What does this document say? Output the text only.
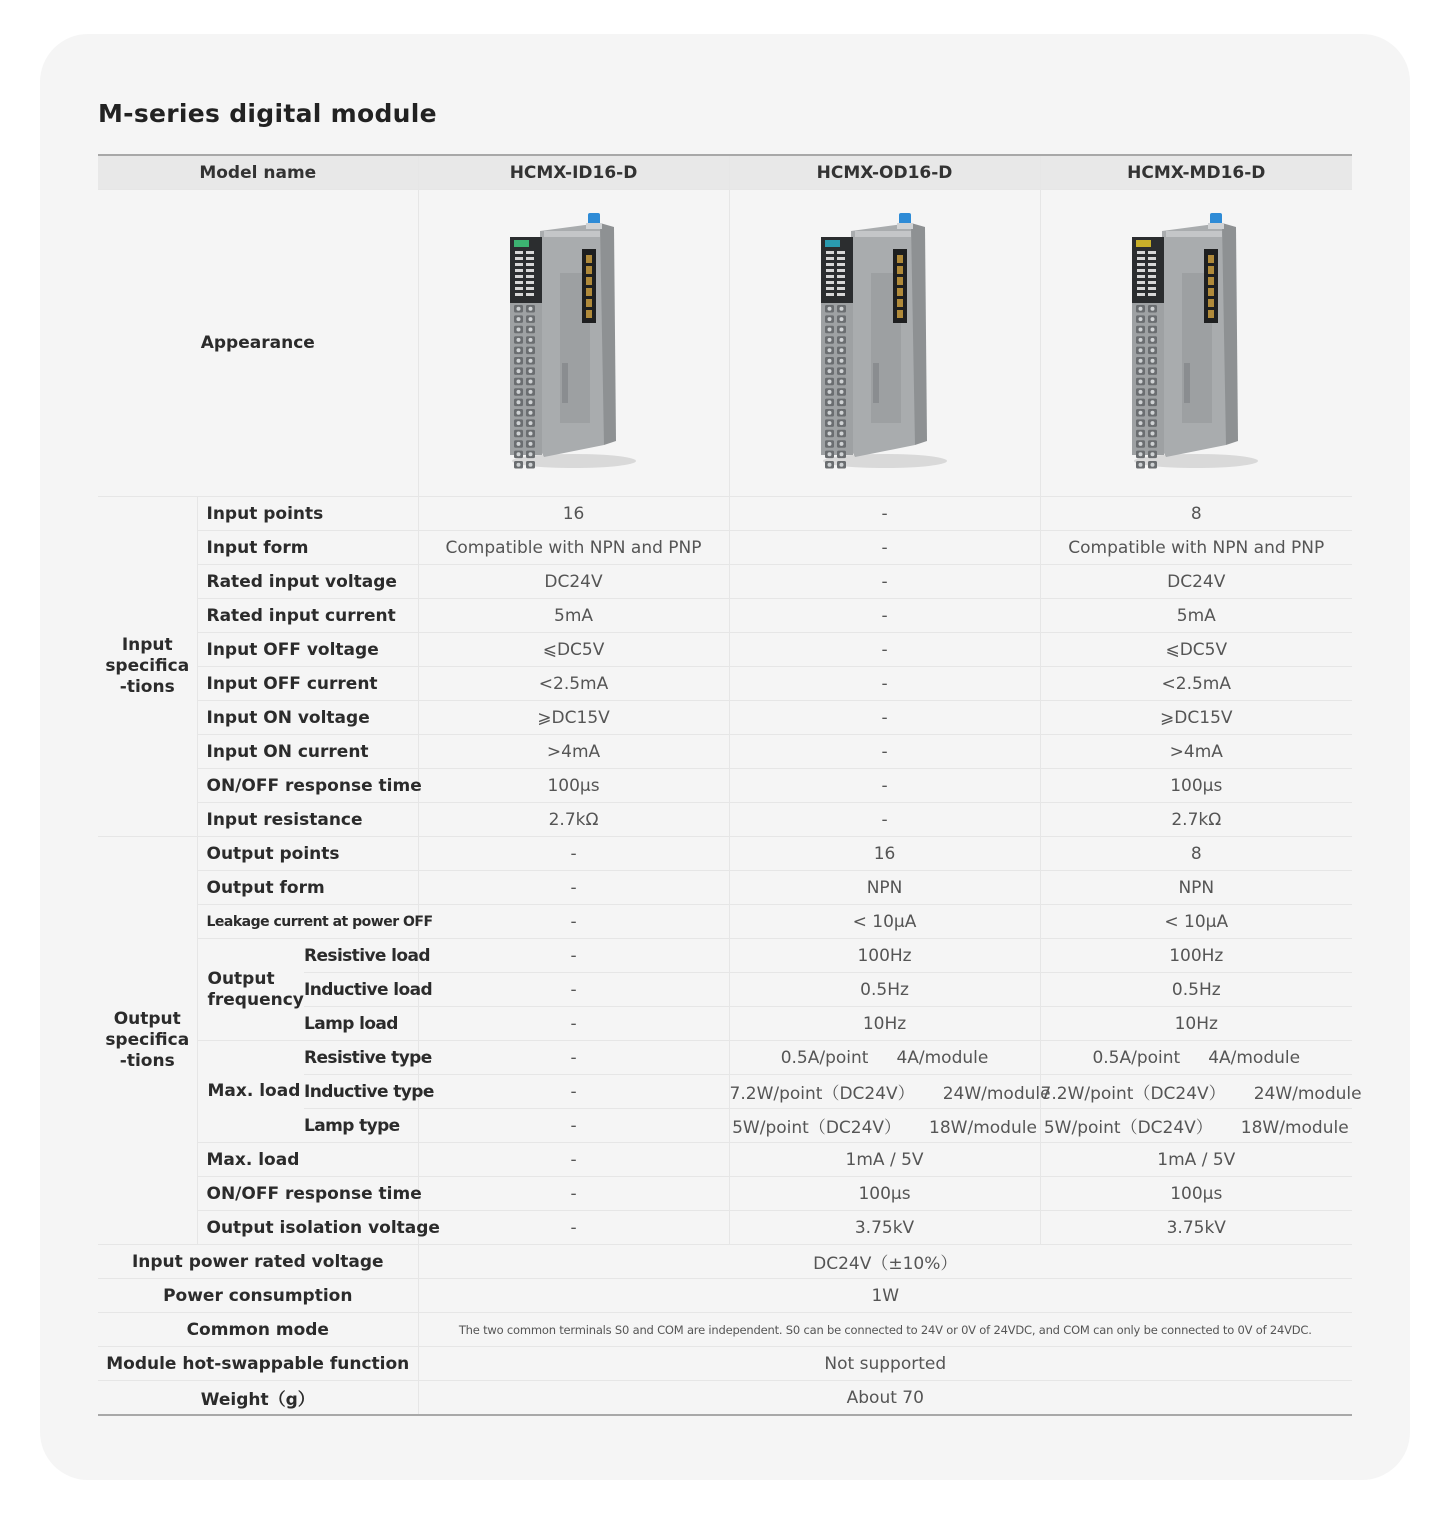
M-series digital module
Model name			HCMX-ID16-D	HCMX-OD16-D	HCMX-MD16-D
Appearance	

Input
specifica
-tions	Input points		16	-	8
	Input form		Compatible with NPN and PNP	-	Compatible with NPN and PNP
	Rated input voltage		DC24V	-	DC24V
	Rated input current		5mA	-	5mA
	Input OFF voltage		⩽DC5V	-	⩽DC5V
	Input OFF current		<2.5mA	-	<2.5mA
	Input ON voltage		⩾DC15V	-	⩾DC15V
	Input ON current		>4mA	-	>4mA
	ON/OFF response time		100μs	-	100μs
	Input resistance		2.7kΩ	-	2.7kΩ
Output
specifica
-tions	Output points		-	16	8
	Output form		-	NPN	NPN
	Leakage current at power OFF		-	< 10μA	< 10μA
	Output
frequency	Resistive load	-	100Hz	100Hz
		Inductive load	-	0.5Hz	0.5Hz
		Lamp load	-	10Hz	10Hz
	Max. load	Resistive type	-	0.5A/point 4A/module	0.5A/point 4A/module
		Inductive type	-	7.2W/point（DC24V） 24W/module	7.2W/point（DC24V） 24W/module
		Lamp type	-	5W/point（DC24V） 18W/module	5W/point（DC24V） 18W/module
	Max. load		-	1mA / 5V	1mA / 5V
	ON/OFF response time		-	100μs	100μs
	Output isolation voltage		-	3.75kV	3.75kV
Input power rated voltage			DC24V（±10%）		
Power consumption			1W		
Common mode			The two common terminals S0 and COM are independent. S0 can be connected to 24V or 0V of 24VDC, and COM can only be connected to 0V of 24VDC.		
Module hot-swappable function			Not supported		
Weight（g）			About 70		
